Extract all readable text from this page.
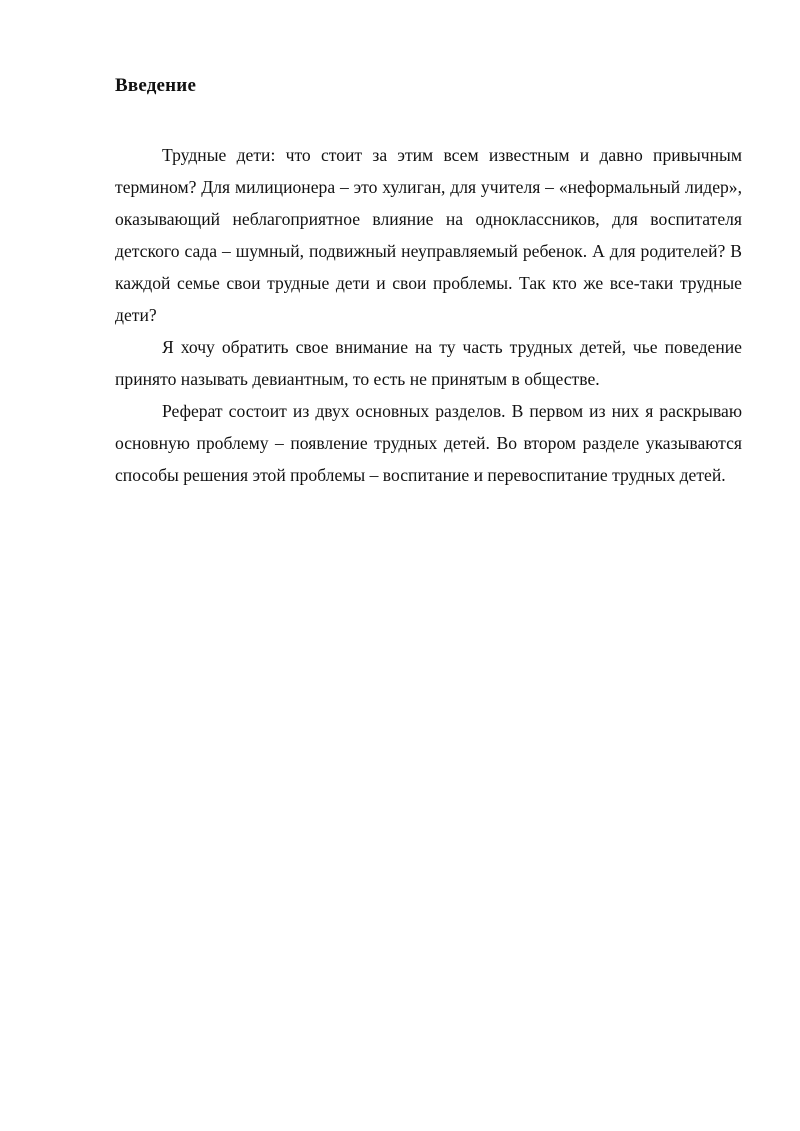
Введение

Трудные дети: что стоит за этим всем известным и давно привычным термином? Для милиционера – это хулиган, для учителя – «неформальный лидер», оказывающий неблагоприятное влияние на одноклассников, для воспитателя детского сада – шумный, подвижный неуправляемый ребенок. А для родителей? В каждой семье свои трудные дети и свои проблемы. Так кто же все-таки трудные дети?

Я хочу обратить свое внимание на ту часть трудных детей, чье поведение принято называть девиантным, то есть не принятым в обществе.

Реферат состоит из двух основных разделов. В первом из них я раскрываю основную проблему – появление трудных детей. Во втором разделе указываются способы решения этой проблемы – воспитание и перевоспитание трудных детей.
